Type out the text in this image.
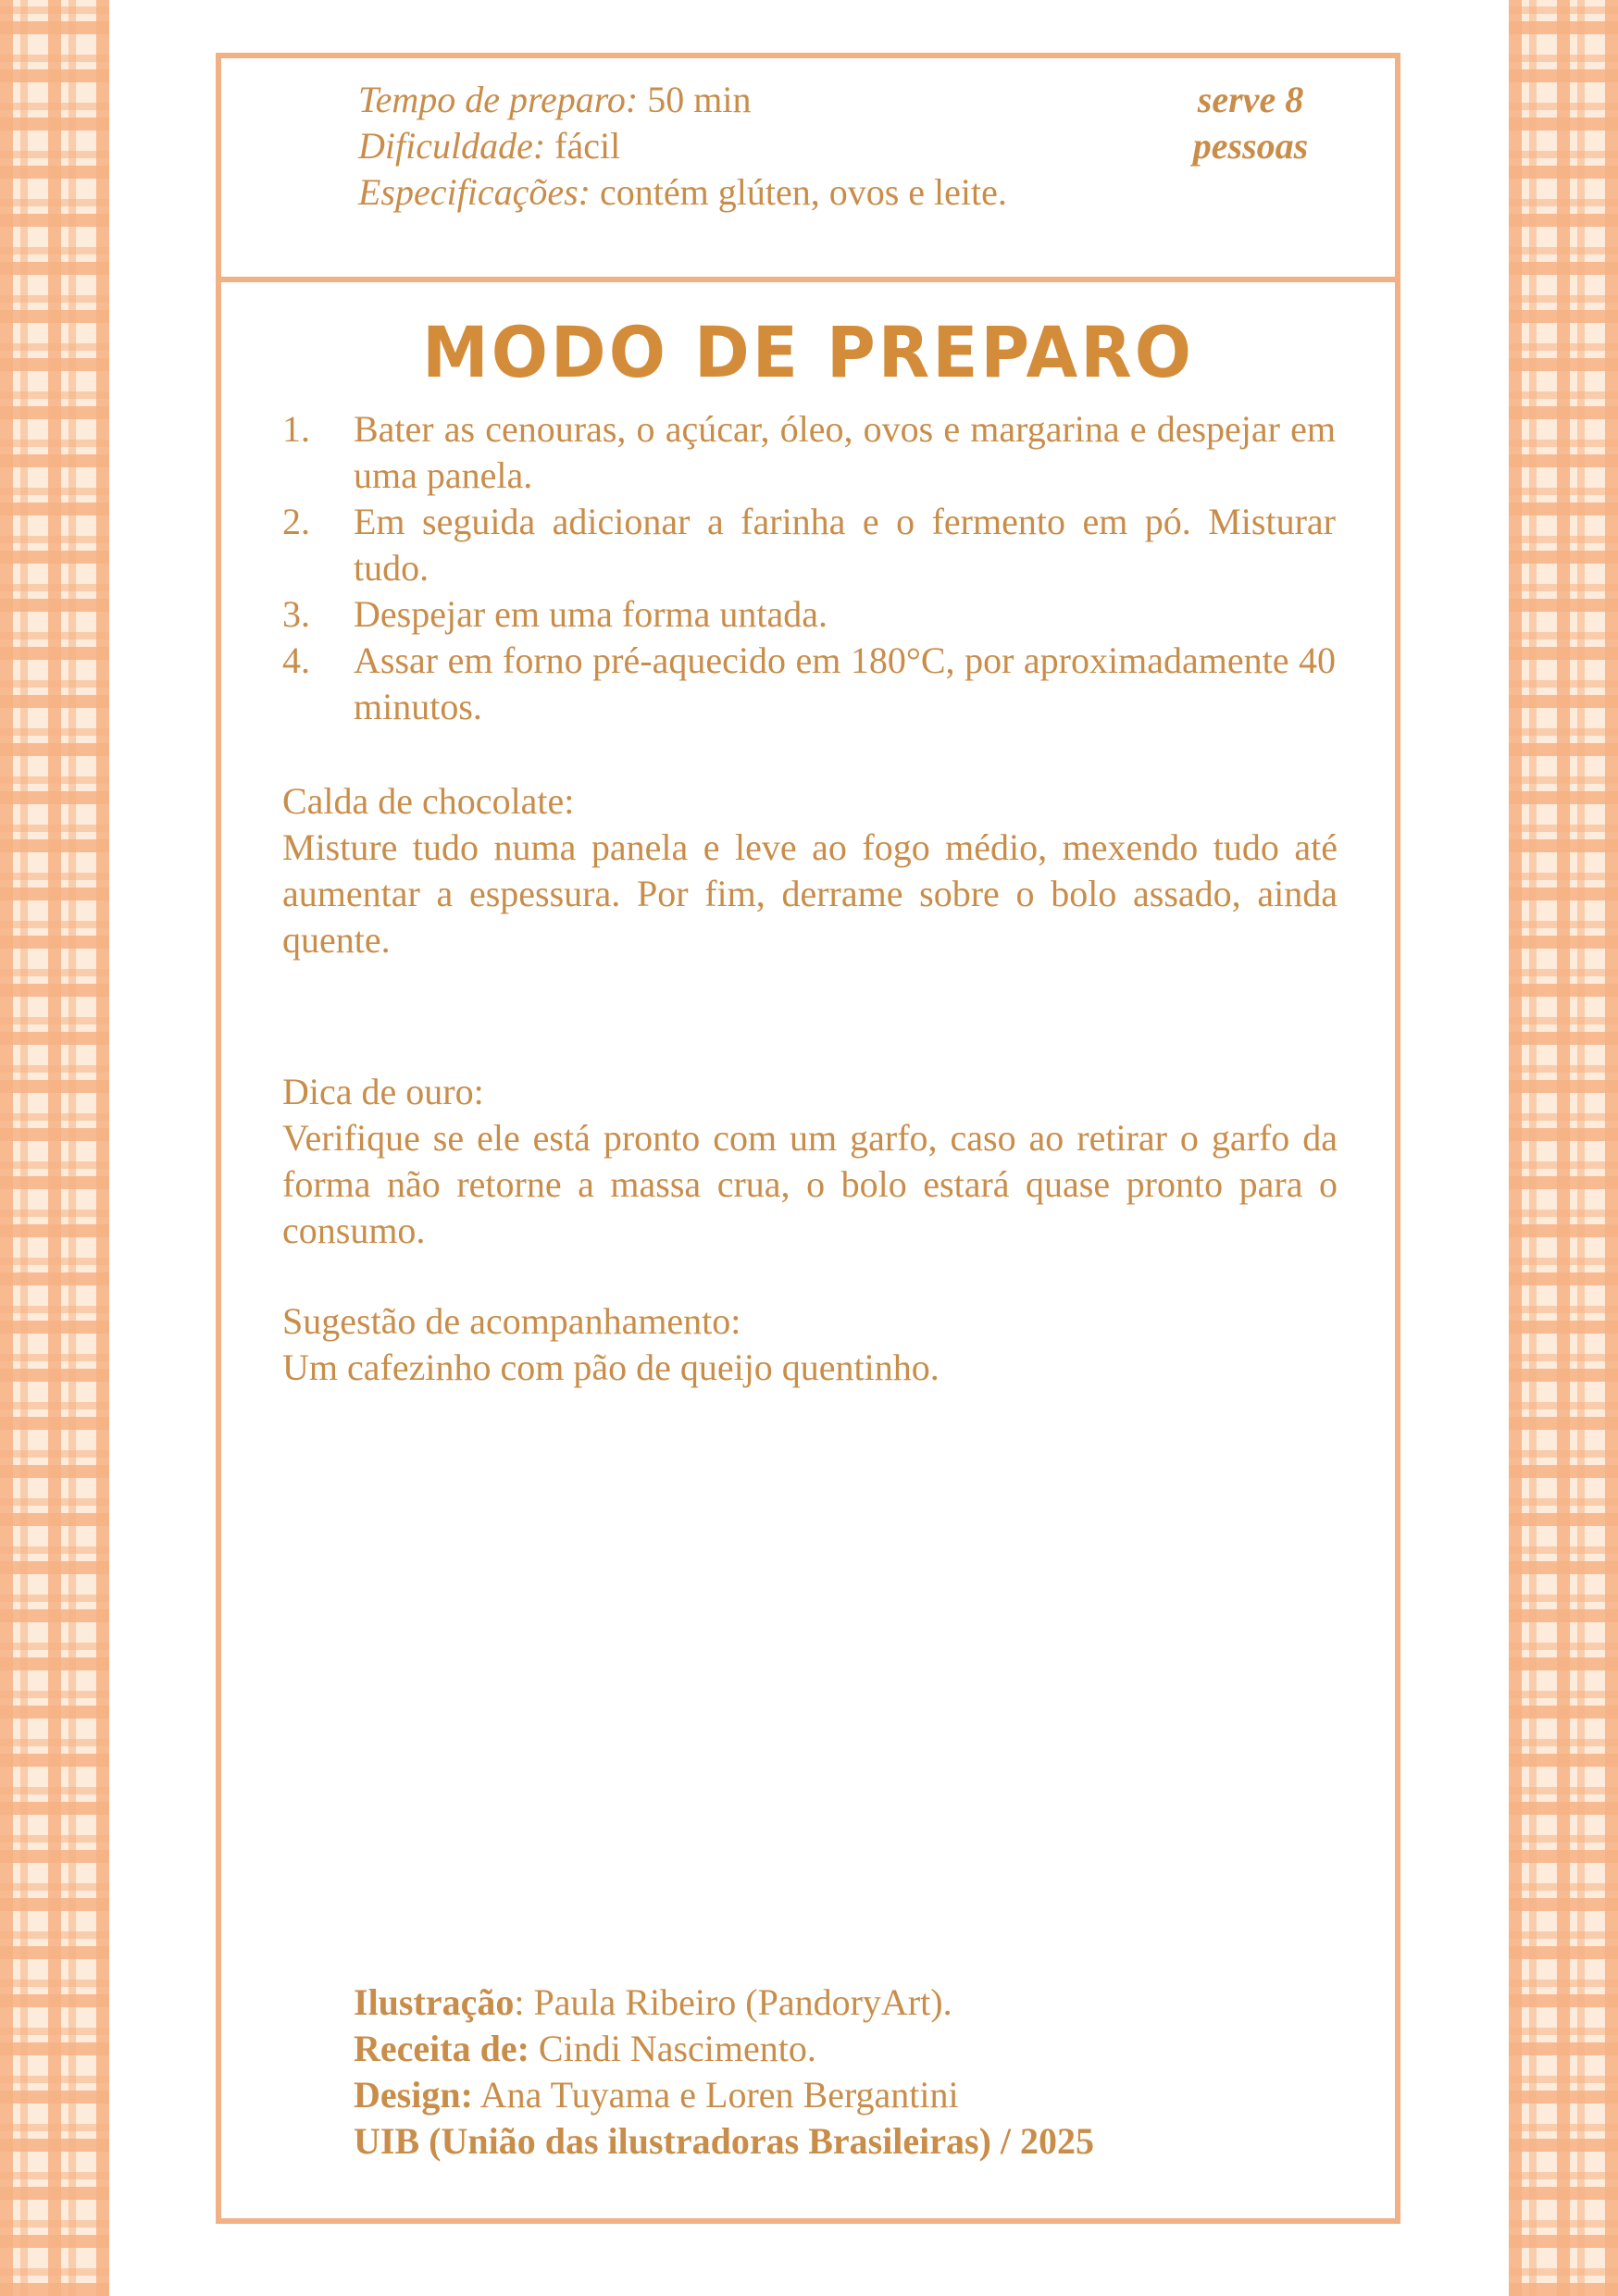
Tempo de preparo: 50 min
Dificuldade: fácil
Especificações: contém glúten, ovos e leite.
serve 8
pessoas
MODO DE PREPARO
1.	Bater as cenouras, o açúcar, óleo, ovos e margarina e despejar em uma panela.
2.	Em seguida adicionar a farinha e o fermento em pó. Misturar tudo.
3.	Despejar em uma forma untada.
4.	Assar em forno pré-aquecido em 180°C, por aproximadamente 40 minutos.
Calda de chocolate:
Misture tudo numa panela e leve ao fogo médio, mexendo tudo até aumentar a espessura. Por fim, derrame sobre o bolo assado, ainda quente.
Dica de ouro:
Verifique se ele está pronto com um garfo, caso ao retirar o garfo da forma não retorne a massa crua, o bolo estará quase pronto para o consumo.
Sugestão de acompanhamento:
Um cafezinho com pão de queijo quentinho.
Ilustração: Paula Ribeiro (PandoryArt).
Receita de: Cindi Nascimento.
Design: Ana Tuyama e Loren Bergantini
UIB (União das ilustradoras Brasileiras) / 2025
